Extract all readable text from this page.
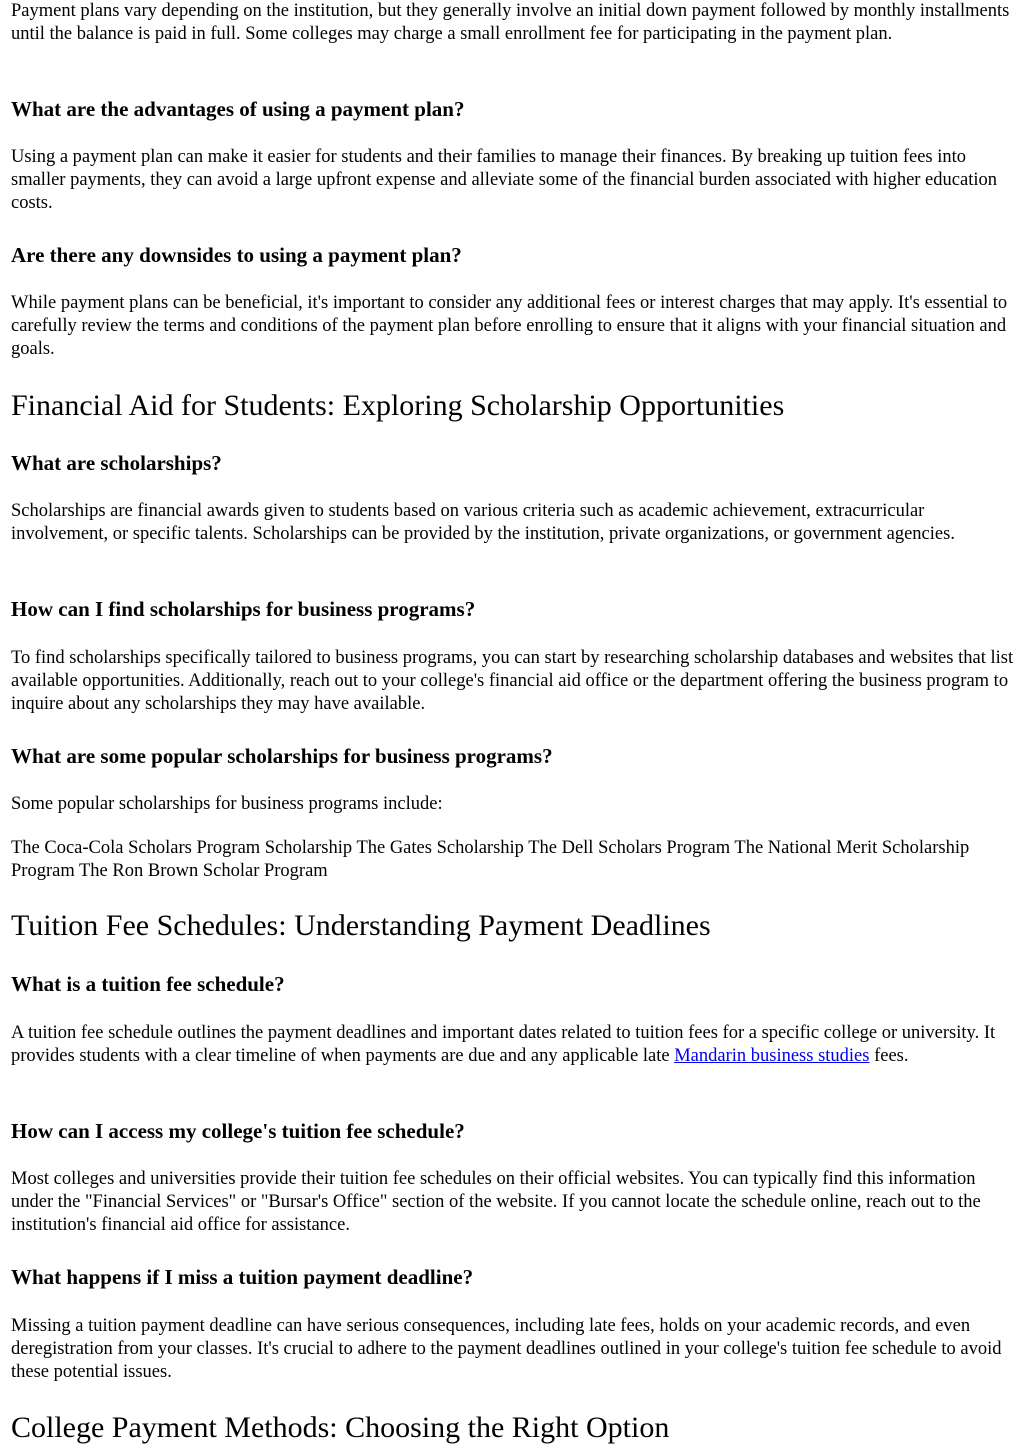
Payment plans vary depending on the institution, but they generally involve an initial down payment followed by monthly installments until the balance is paid in full. Some colleges may charge a small enrollment fee for participating in the payment plan.

What are the advantages of using a payment plan?

Using a payment plan can make it easier for students and their families to manage their finances. By breaking up tuition fees into smaller payments, they can avoid a large upfront expense and alleviate some of the financial burden associated with higher education costs.

Are there any downsides to using a payment plan?

While payment plans can be beneficial, it's important to consider any additional fees or interest charges that may apply. It's essential to carefully review the terms and conditions of the payment plan before enrolling to ensure that it aligns with your financial situation and goals.

Financial Aid for Students: Exploring Scholarship Opportunities
What are scholarships?

Scholarships are financial awards given to students based on various criteria such as academic achievement, extracurricular involvement, or specific talents. Scholarships can be provided by the institution, private organizations, or government agencies.

How can I find scholarships for business programs?

To find scholarships specifically tailored to business programs, you can start by researching scholarship databases and websites that list available opportunities. Additionally, reach out to your college's financial aid office or the department offering the business program to inquire about any scholarships they may have available.

What are some popular scholarships for business programs?

Some popular scholarships for business programs include:

The Coca-Cola Scholars Program Scholarship The Gates Scholarship The Dell Scholars Program The National Merit Scholarship Program The Ron Brown Scholar Program

Tuition Fee Schedules: Understanding Payment Deadlines
What is a tuition fee schedule?

A tuition fee schedule outlines the payment deadlines and important dates related to tuition fees for a specific college or university. It provides students with a clear timeline of when payments are due and any applicable late Mandarin business studies fees.

How can I access my college's tuition fee schedule?

Most colleges and universities provide their tuition fee schedules on their official websites. You can typically find this information under the "Financial Services" or "Bursar's Office" section of the website. If you cannot locate the schedule online, reach out to the institution's financial aid office for assistance.

What happens if I miss a tuition payment deadline?

Missing a tuition payment deadline can have serious consequences, including late fees, holds on your academic records, and even deregistration from your classes. It's crucial to adhere to the payment deadlines outlined in your college's tuition fee schedule to avoid these potential issues.

College Payment Methods: Choosing the Right Option
